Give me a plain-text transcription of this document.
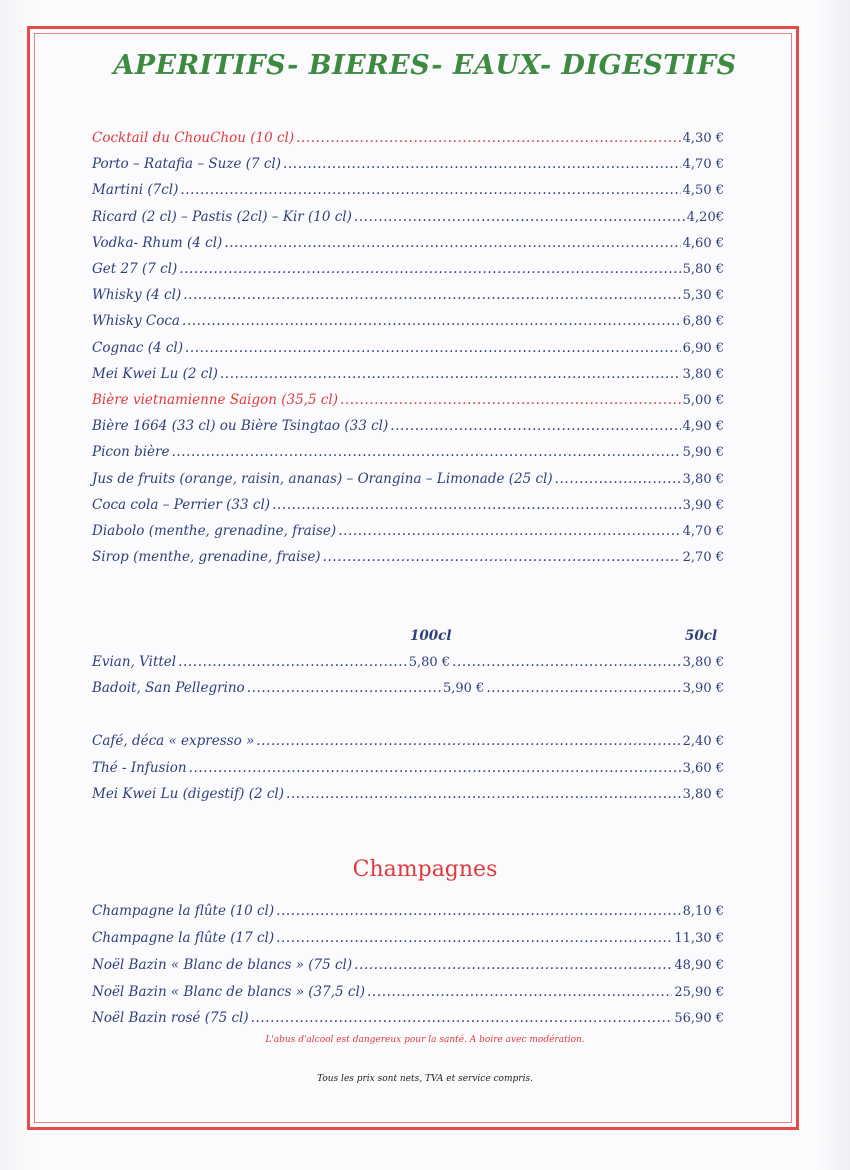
APERITIFS- BIERES- EAUX- DIGESTIFS
Cocktail du ChouChou (10 cl) .....	4,30 €
Porto – Ratafia – Suze (7 cl) .....	4,70 €
Martini (7cl) .....	4,50 €
Ricard (2 cl) – Pastis (2cl) – Kir (10 cl) .....	4,20€
Vodka- Rhum (4 cl) .....	4,60 €
Get 27 (7 cl) .....	5,80 €
Whisky (4 cl) .....	5,30 €
Whisky Coca .....	6,80 €
Cognac (4 cl) .....	6,90 €
Mei Kwei Lu (2 cl) .....	3,80 €
Bière vietnamienne Saigon (35,5 cl) .....	5,00 €
Bière 1664 (33 cl) ou Bière Tsingtao (33 cl) .....	4,90 €
Picon bière .....	5,90 €
Jus de fruits (orange, raisin, ananas) – Orangina – Limonade (25 cl) .....	3,80 €
Coca cola – Perrier (33 cl) .....	3,90 €
Diabolo (menthe, grenadine, fraise) .....	4,70 €
Sirop (menthe, grenadine, fraise) .....	2,70 €
100cl	50cl
Evian, Vittel .....	5,80 € .....	3,80 €
Badoit, San Pellegrino .....	5,90 € .....	3,90 €
Café, déca « expresso » .....	2,40 €
Thé - Infusion .....	3,60 €
Mei Kwei Lu (digestif) (2 cl) .....	3,80 €
Champagnes
Champagne la flûte (10 cl) .....	8,10 €
Champagne la flûte (17 cl) .....	11,30 €
Noël Bazin « Blanc de blancs » (75 cl) .....	48,90 €
Noël Bazin « Blanc de blancs » (37,5 cl) .....	25,90 €
Noël Bazin rosé (75 cl) .....	56,90 €
L'abus d'alcool est dangereux pour la santé. A boire avec modération.
Tous les prix sont nets, TVA et service compris.
